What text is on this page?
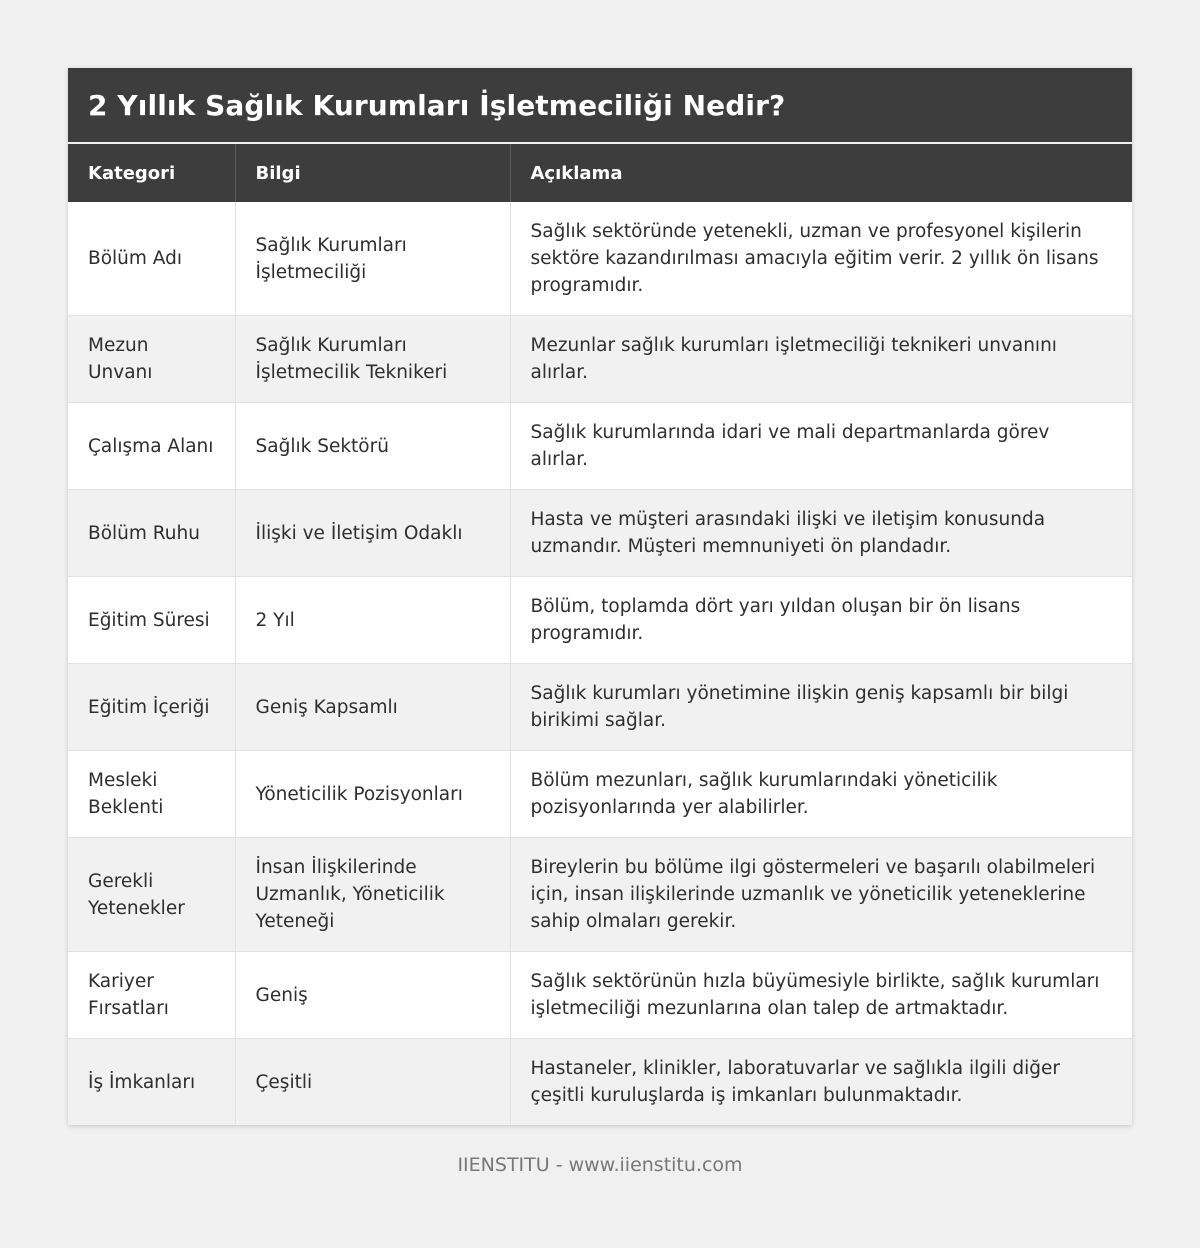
2 Yıllık Sağlık Kurumları İşletmeciliği Nedir?
Kategori	Bilgi	Açıklama
Bölüm Adı	Sağlık Kurumları İşletmeciliği	Sağlık sektöründe yetenekli, uzman ve profesyonel kişilerin sektöre kazandırılması amacıyla eğitim verir. 2 yıllık ön lisans programıdır.
Mezun Unvanı	Sağlık Kurumları İşletmecilik Teknikeri	Mezunlar sağlık kurumları işletmeciliği teknikeri unvanını alırlar.
Çalışma Alanı	Sağlık Sektörü	Sağlık kurumlarında idari ve mali departmanlarda görev alırlar.
Bölüm Ruhu	İlişki ve İletişim Odaklı	Hasta ve müşteri arasındaki ilişki ve iletişim konusunda uzmandır. Müşteri memnuniyeti ön plandadır.
Eğitim Süresi	2 Yıl	Bölüm, toplamda dört yarı yıldan oluşan bir ön lisans programıdır.
Eğitim İçeriği	Geniş Kapsamlı	Sağlık kurumları yönetimine ilişkin geniş kapsamlı bir bilgi birikimi sağlar.
Mesleki Beklenti	Yöneticilik Pozisyonları	Bölüm mezunları, sağlık kurumlarındaki yöneticilik pozisyonlarında yer alabilirler.
Gerekli Yetenekler	İnsan İlişkilerinde Uzmanlık, Yöneticilik Yeteneği	Bireylerin bu bölüme ilgi göstermeleri ve başarılı olabilmeleri için, insan ilişkilerinde uzmanlık ve yöneticilik yeteneklerine sahip olmaları gerekir.
Kariyer Fırsatları	Geniş	Sağlık sektörünün hızla büyümesiyle birlikte, sağlık kurumları işletmeciliği mezunlarına olan talep de artmaktadır.
İş İmkanları	Çeşitli	Hastaneler, klinikler, laboratuvarlar ve sağlıkla ilgili diğer çeşitli kuruluşlarda iş imkanları bulunmaktadır.
IIENSTITU - www.iienstitu.com
